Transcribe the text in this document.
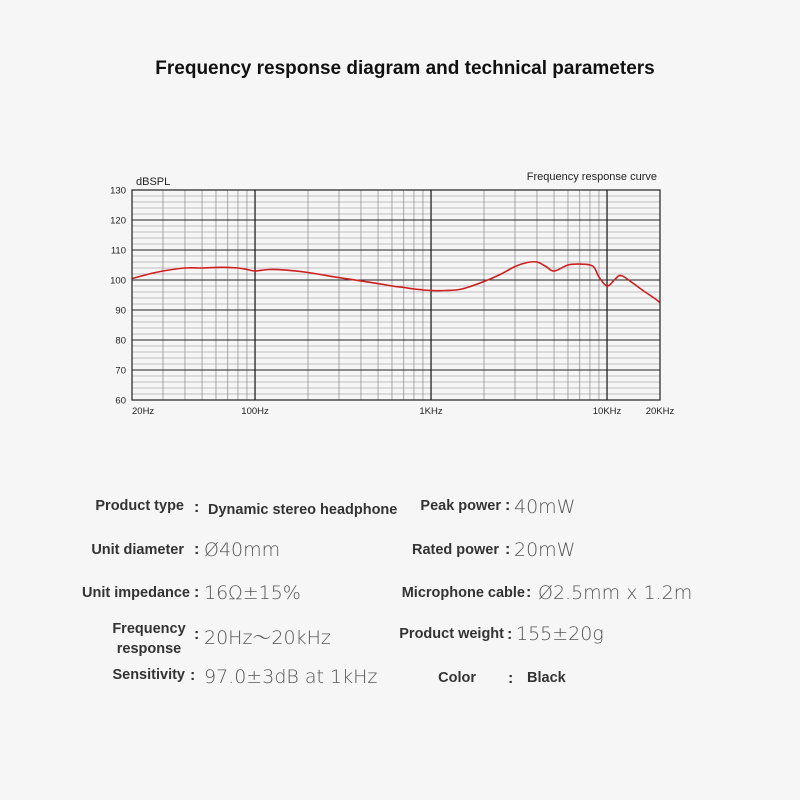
Frequency response diagram and technical parameters
dBSPL	Frequency response curve
60
70
80
90
100
110
120
130
20Hz	100Hz	1KHz	10KHz	20KHz
Product type : Dynamic stereo headphone
Unit diameter : Ø40mm
Unit impedance : 16Ω±15%
Frequency response
: 20Hz～20kHz
Sensitivity : 97.0±3dB at 1kHz
Peak power : 40mW
Rated power : 20mW
Microphone cable : Ø2.5mm x 1.2m
Product weight : 155±20g
Color : Black
